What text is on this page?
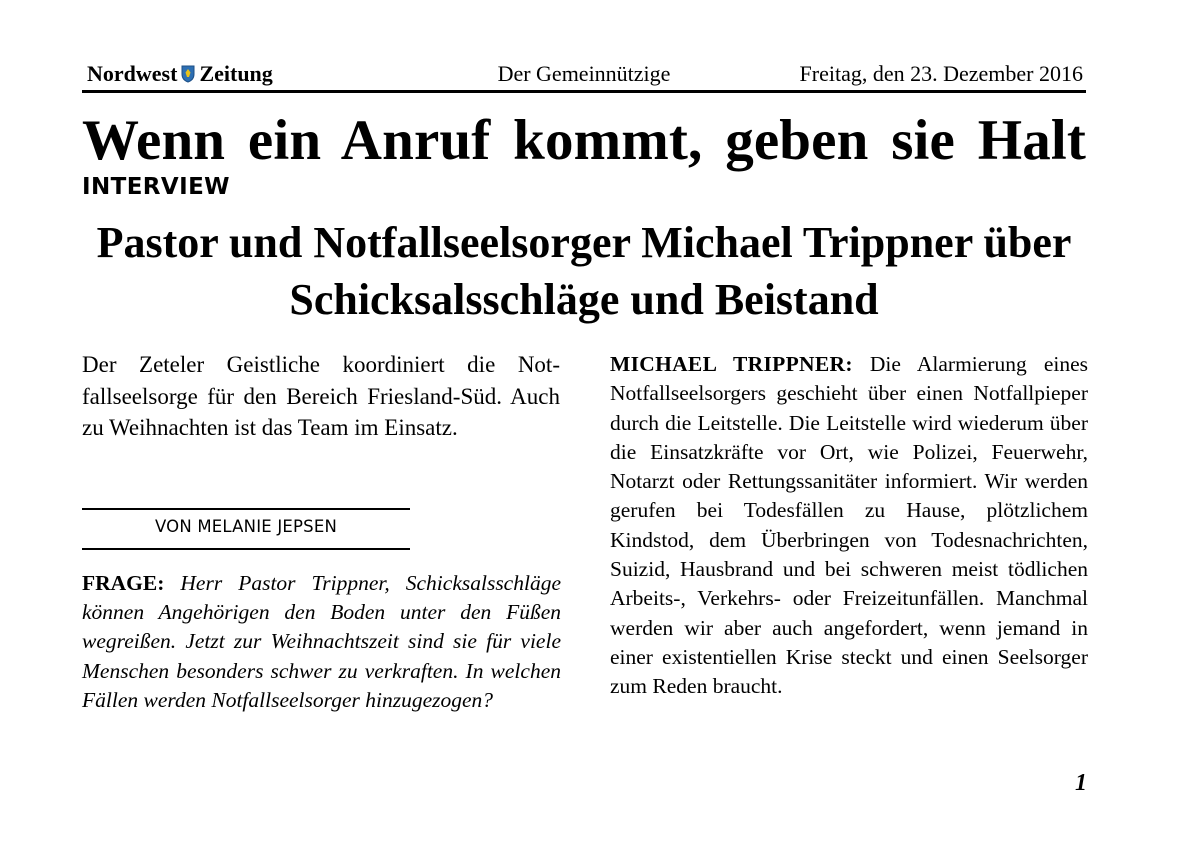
Nordwest Zeitung	Der Gemeinnützige	Freitag, den 23. Dezember 2016
Wenn ein Anruf kommt, geben sie Halt
INTERVIEW
Pastor und Notfallseelsorger Michael Trippner über Schicksalsschläge und Beistand

Der Zeteler Geistliche koordiniert die Notfallseelsorge für den Bereich Friesland-Süd. Auch zu Weihnachten ist das Team im Einsatz.

VON MELANIE JEPSEN

FRAGE: Herr Pastor Trippner, Schicksalsschläge können Angehörigen den Boden unter den Füßen wegreißen. Jetzt zur Weihnachtszeit sind sie für viele Menschen besonders schwer zu verkraften. In welchen Fällen werden Notfallseelsorger hinzugezogen?

MICHAEL TRIPPNER: Die Alarmierung eines Notfallseelsorgers geschieht über einen Notfallpieper durch die Leitstelle. Die Leitstelle wird wiederum über die Einsatzkräfte vor Ort, wie Polizei, Feuerwehr, Notarzt oder Rettungssanitäter informiert. Wir werden gerufen bei Todesfällen zu Hause, plötzlichem Kindstod, dem Überbringen von Todesnachrichten, Suizid, Hausbrand und bei schweren meist tödlichen Arbeits-, Verkehrs- oder Freizeitunfällen. Manchmal werden wir aber auch angefordert, wenn jemand in einer existentiellen Krise steckt und einen Seelsorger zum Reden braucht.

1
